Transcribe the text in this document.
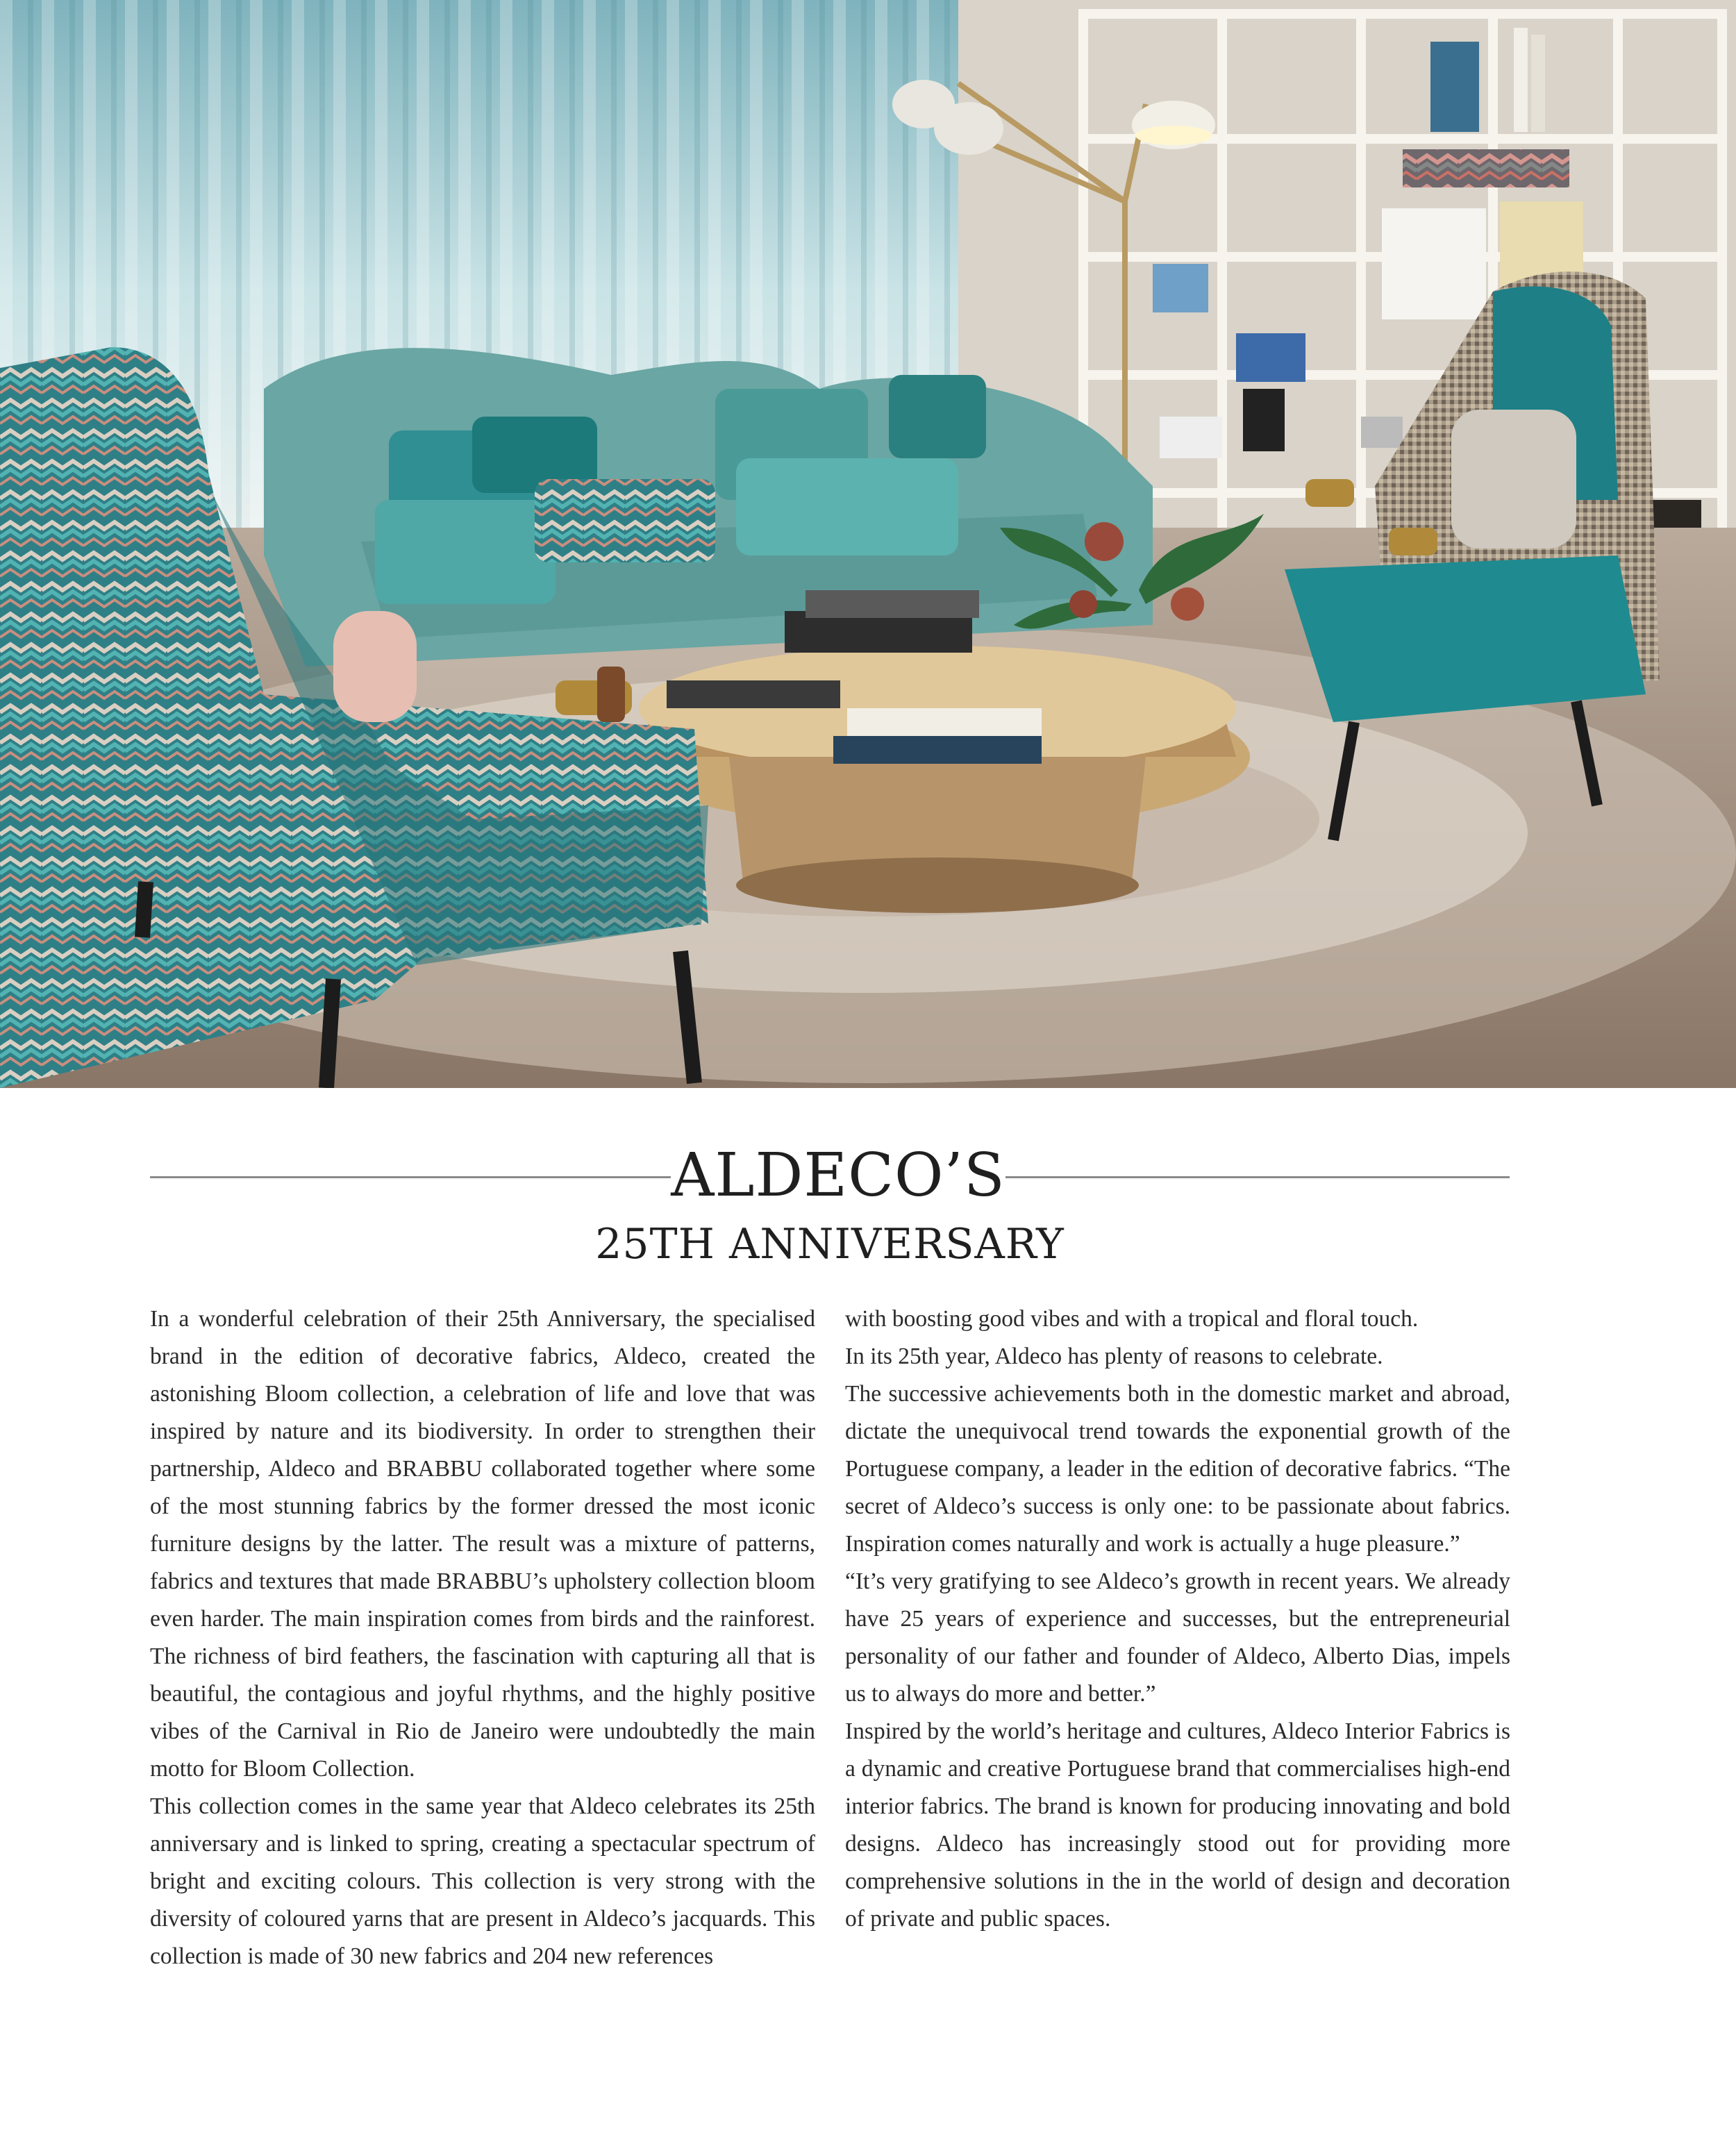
ALDECO’S
25TH ANNIVERSARY

In a wonderful celebration of their 25th Anniversary, the specialised brand in the edition of decorative fabrics, Aldeco, created the astonishing Bloom collection, a celebration of life and love that was inspired by nature and its biodiversity. In order to strengthen their partnership, Aldeco and BRABBU collaborated together where some of the most stunning fabrics by the former dressed the most iconic furniture designs by the latter. The result was a mixture of patterns, fabrics and textures that made BRABBU’s upholstery collection bloom even harder. The main inspiration comes from birds and the rainforest. The richness of bird feathers, the fascination with capturing all that is beautiful, the contagious and joyful rhythms, and the highly positive vibes of the Carnival in Rio de Janeiro were undoubtedly the main motto for Bloom Collection.

This collection comes in the same year that Aldeco celebrates its 25th anniversary and is linked to spring, creating a spectacular spectrum of bright and exciting colours. This collection is very strong with the diversity of coloured yarns that are present in Aldeco’s jacquards. This collection is made of 30 new fabrics and 204 new references

with boosting good vibes and with a tropical and floral touch.

In its 25th year, Aldeco has plenty of reasons to celebrate.

The successive achievements both in the domestic market and abroad, dictate the unequivocal trend towards the exponential growth of the Portuguese company, a leader in the edition of decorative fabrics. “The secret of Aldeco’s success is only one: to be passionate about fabrics. Inspiration comes naturally and work is actually a huge pleasure.”

“It’s very gratifying to see Aldeco’s growth in recent years. We already have 25 years of experience and successes, but the entrepreneurial personality of our father and founder of Aldeco, Alberto Dias, impels us to always do more and better.”

Inspired by the world’s heritage and cultures, Aldeco Interior Fabrics is a dynamic and creative Portuguese brand that commercialises high-end interior fabrics. The brand is known for producing innovating and bold designs. Aldeco has increasingly stood out for providing more comprehensive solutions in the in the world of design and decoration of private and public spaces.
